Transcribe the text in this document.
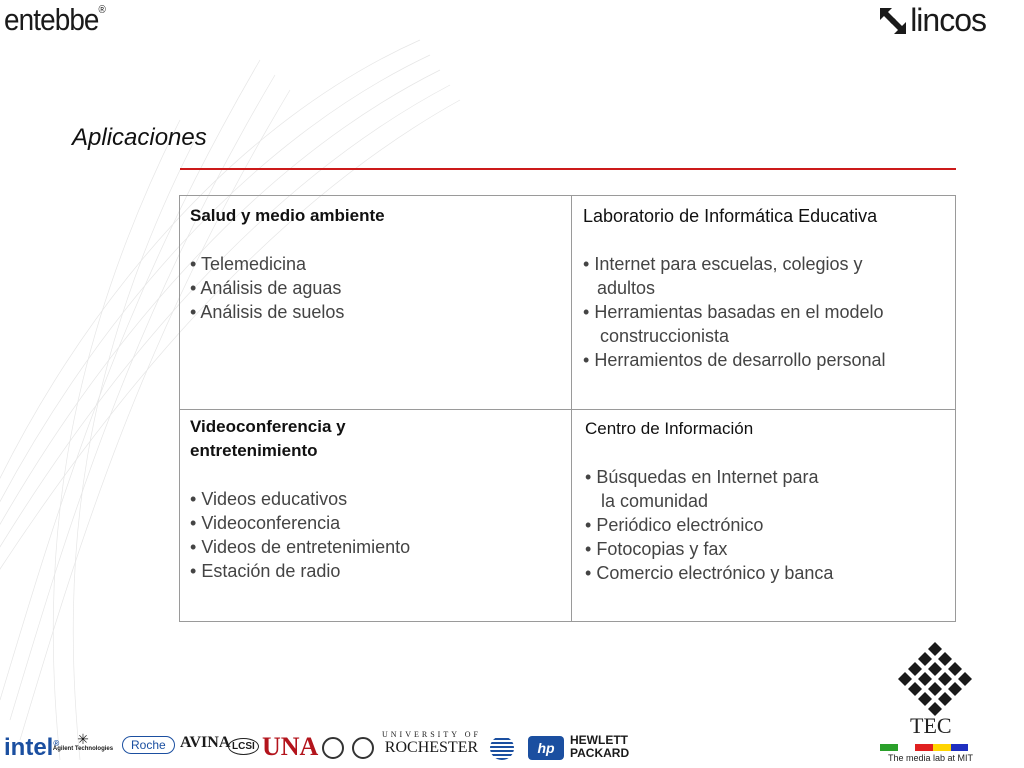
entebbe®	lincos
Aplicaciones
Salud y medio ambiente
• Telemedicina
• Análisis de aguas
• Análisis de suelos
Laboratorio de Informática Educativa
• Internet para escuelas, colegios y
adultos
• Herramientas basadas en el modelo
construccionista
• Herramientos de desarrollo personal
Videoconferencia y
entretenimiento
• Videos educativos
• Videoconferencia
• Videos de entretenimiento
• Estación de radio
Centro de Información
• Búsquedas en Internet para
la comunidad
• Periódico electrónico
• Fotocopias y fax
• Comercio electrónico y banca
TEC
The media lab at MIT
intel®	✳
Agilent Technologies	Roche AVINA LCSI UNA	UNIVERSITY OF
ROCHESTER	hp	HEWLETT
PACKARD
